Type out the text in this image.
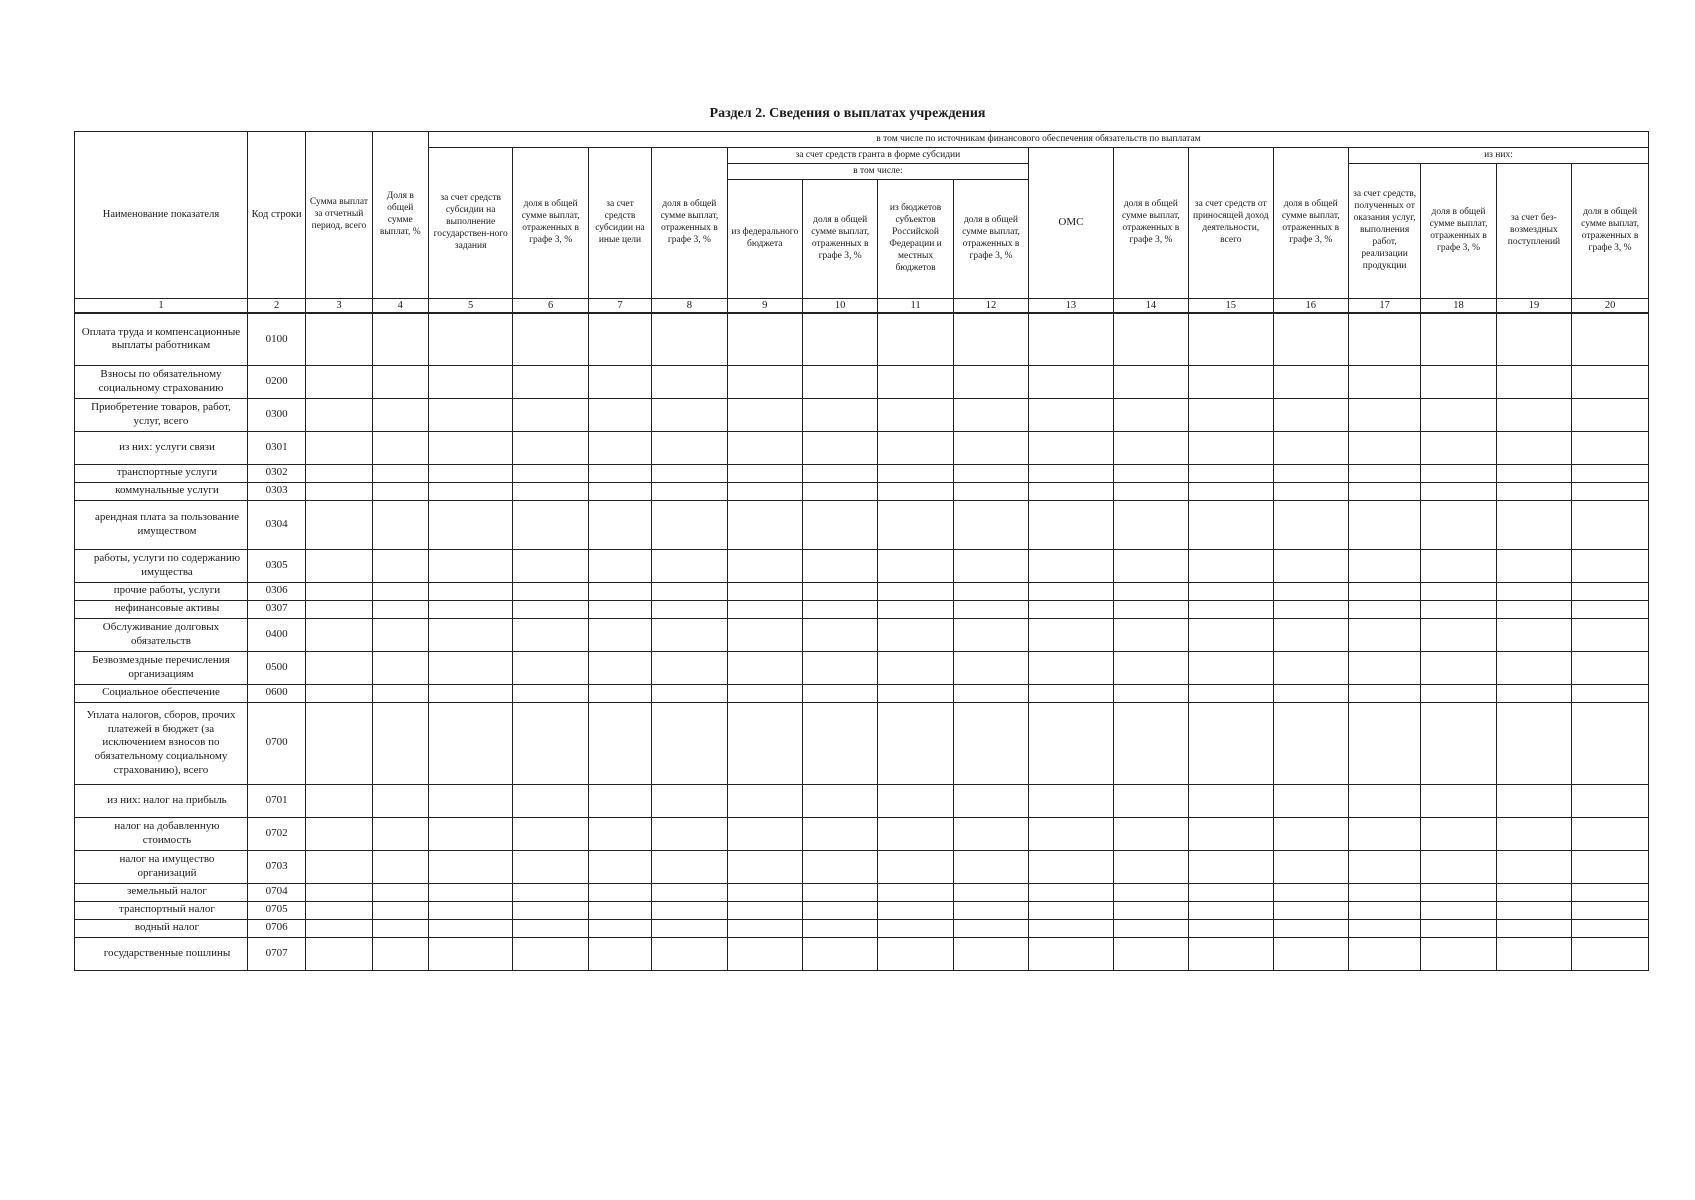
Раздел 2. Сведения о выплатах учреждения
Наименование показателя	Код строки	Сумма выплат за отчетный период, всего	Доля в общей сумме выплат, %	в том числе по источникам финансового обеспечения обязательств по выплатам															
				за счет средств субсидии на выполнение государствен-ного задания	доля в общей сумме выплат, отраженных в графе 3, %	за счет средств субсидии на иные цели	доля в общей сумме выплат, отраженных в графе 3, %	за счет средств гранта в форме субсидии				ОМС	доля в общей сумме выплат, отраженных в графе 3, %	за счет средств от приносящей доход деятельности, всего	доля в общей сумме выплат, отраженных в графе 3, %	из них:			
								в том числе:								за счет средств, полученных от оказания услуг, выполнения работ, реализации продукции	доля в общей сумме выплат, отраженных в графе 3, %	за счет без-возмездных поступлений	доля в общей сумме выплат, отраженных в графе 3, %
								из федерального бюджета	доля в общей сумме выплат, отраженных в графе 3, %	из бюджетов субъектов Российской Федерации и местных бюджетов	доля в общей сумме выплат, отраженных в графе 3, %								
1	2	3	4	5	6	7	8	9	10	11	12	13	14	15	16	17	18	19	20
Оплата труда и компенсационные выплаты работникам	0100																		
Взносы по обязательному социальному страхованию	0200																		
Приобретение товаров, работ, услуг, всего	0300																		
из них: услуги связи	0301																		
транспортные услуги	0302																		
коммунальные услуги	0303																		
арендная плата за пользование имуществом	0304																		
работы, услуги по содержанию имущества	0305																		
прочие работы, услуги	0306																		
нефинансовые активы	0307																		
Обслуживание долговых обязательств	0400																		
Безвозмездные перечисления организациям	0500																		
Социальное обеспечение	0600																		
Уплата налогов, сборов, прочих платежей в бюджет (за исключением взносов по обязательному социальному страхованию), всего	0700																		
из них: налог на прибыль	0701																		
налог на добавленную стоимость	0702																		
налог на имущество организаций	0703																		
земельный налог	0704																		
транспортный налог	0705																		
водный налог	0706																		
государственные пошлины	0707																		
